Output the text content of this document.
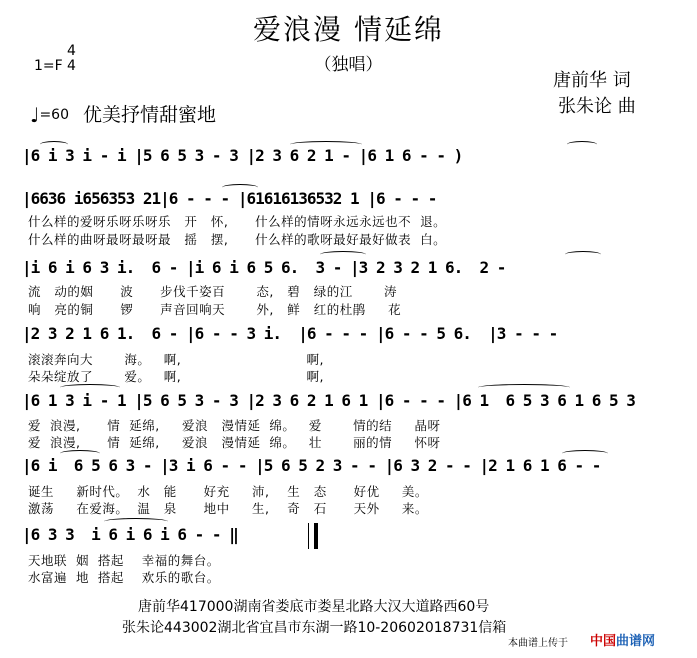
爱浪漫 情延绵
（独唱）
1=F
4
4
♩=60 优美抒情甜蜜地
唐前华 词
张朱论 曲
|6 i 3 i - i |5 6 5 3 - 3 |2 3 6 2 1 - |6 1 6 - - )
|6636 i656353 21|6 - - - |61616136532 1 |6 - - -
什么样的爱呀乐呀乐呀乐   开   怀,      什么样的情呀永远永远也不  退。
什么样的曲呀最呀最呀最   摇   摆,      什么样的歌呀最好最好做表  白。
|i 6 i 6 3 i.  6 - |i 6 i 6 5 6.  3 - |3 2 3 2 1 6.  2 -
流   动的姻      波      步伐千姿百       态,   碧   绿的江       涛
响   亮的铜      锣      声音回响天       外,   鲜   红的杜鹃     花
|2 3 2 1 6 1.  6 - |6 - - 3 i.  |6 - - - |6 - - 5 6.  |3 - - -
滚滚奔向大       海。   啊,                            啊,
朵朵绽放了       爱。   啊,                            啊,
|6 1 3 i - 1 |5 6 5 3 - 3 |2 3 6 2 1 6 1 |6 - - - |6 1  6 5 3 6 1 6 5 3
爱  浪漫,      情  延绵,     爱浪   漫情延  绵。   爱       情的结     晶呀
爱  浪漫,      情  延绵,     爱浪   漫情延  绵。   壮       丽的情     怀呀
|6 i  6 5 6 3 - |3 i 6 - - |5 6 5 2 3 - - |6 3 2 - - |2 1 6 1 6 - -
诞生     新时代。  水   能      好充     沛,    生   态      好优     美。
激荡     在爱海。  温   泉      地中     生,    奇   石      天外     来。
|6 3 3  i 6 i 6 i 6 - - ‖
天地联  姻  搭起    幸福的舞台。
水富遍  地  搭起    欢乐的歌台。
唐前华417000湖南省娄底市娄星北路大汉大道路西60号
张朱论443002湖北省宜昌市东湖一路10-20602018731信箱
本曲谱上传于 中国曲谱网
